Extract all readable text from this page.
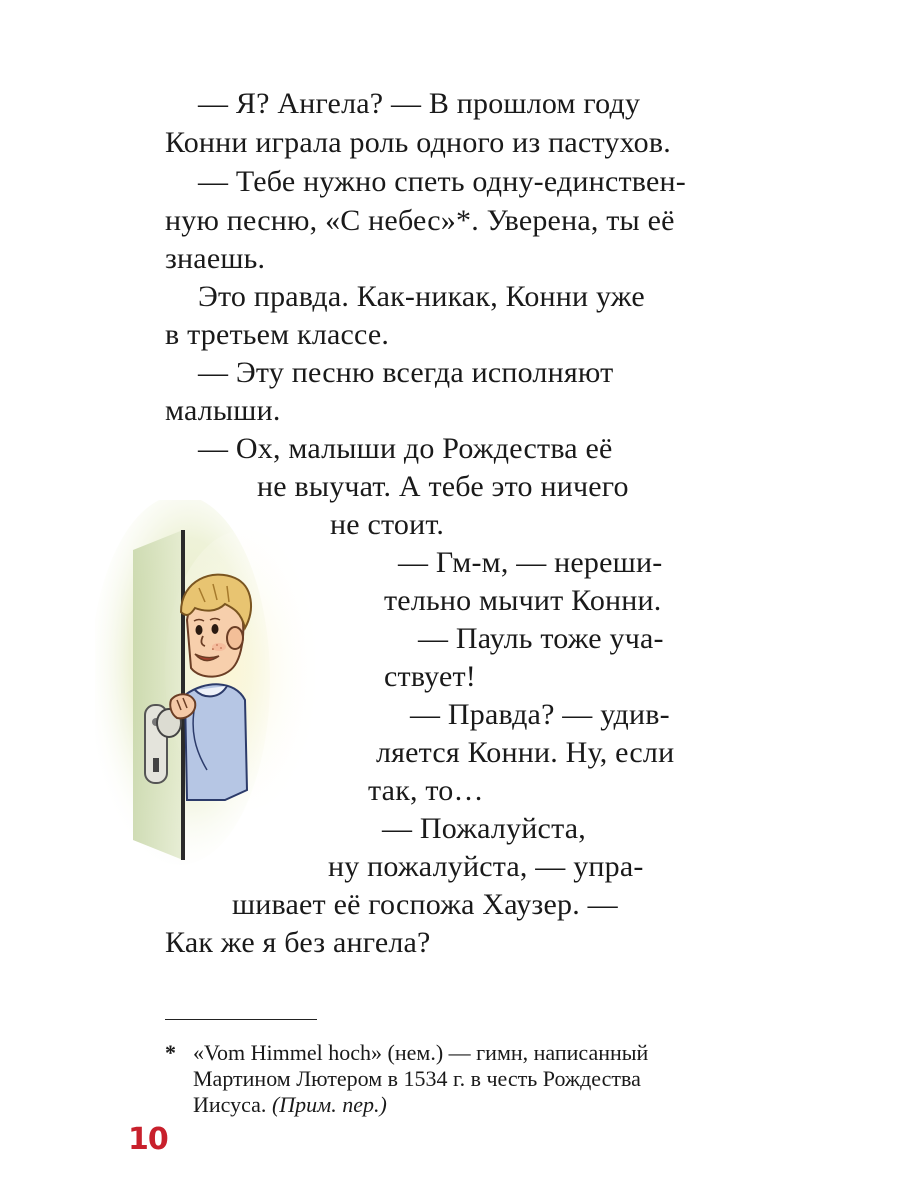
— Я? Ангела? — В прошлом году
Конни играла роль одного из пастухов.
— Тебе нужно спеть одну-единствен-
ную песню, «С небес»*. Уверена, ты её
знаешь.
Это правда. Как-никак, Конни уже
в третьем классе.
— Эту песню всегда исполняют
малыши.
— Ох, малыши до Рождества её
не выучат. А тебе это ничего
не стоит.
— Гм-м, — нереши-
тельно мычит Конни.
— Пауль тоже уча-
ствует!
— Правда? — удив-
ляется Конни. Ну, если
так, то…
— Пожалуйста,
ну пожалуйста, — упра-
шивает её госпожа Хаузер. —
Как же я без ангела?
* «Vom Himmel hoch» (нем.) — гимн, написанный
Мартином Лютером в 1534 г. в честь Рождества
Иисуса. (Прим. пер.)
10
